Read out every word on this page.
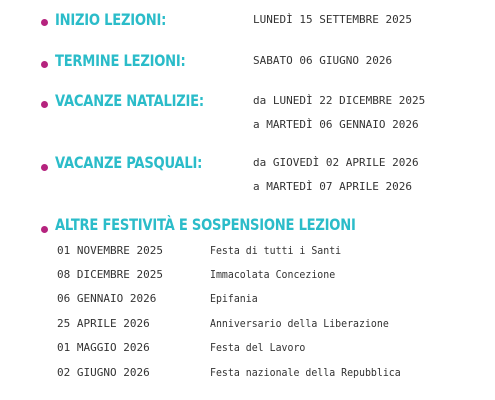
INIZIO LEZIONI:	LUNEDÌ 15 SETTEMBRE 2025
TERMINE LEZIONI:	SABATO 06 GIUGNO 2026
VACANZE NATALIZIE:	da LUNEDÌ 22 DICEMBRE 2025
a MARTEDÌ 06 GENNAIO 2026
VACANZE PASQUALI:	da GIOVEDÌ 02 APRILE 2026
a MARTEDÌ 07 APRILE 2026
ALTRE FESTIVITÀ E SOSPENSIONE LEZIONI
01 NOVEMBRE 2025	Festa di tutti i Santi
08 DICEMBRE 2025	Immacolata Concezione
06 GENNAIO 2026	Epifania
25 APRILE 2026	Anniversario della Liberazione
01 MAGGIO 2026	Festa del Lavoro
02 GIUGNO 2026	Festa nazionale della Repubblica
